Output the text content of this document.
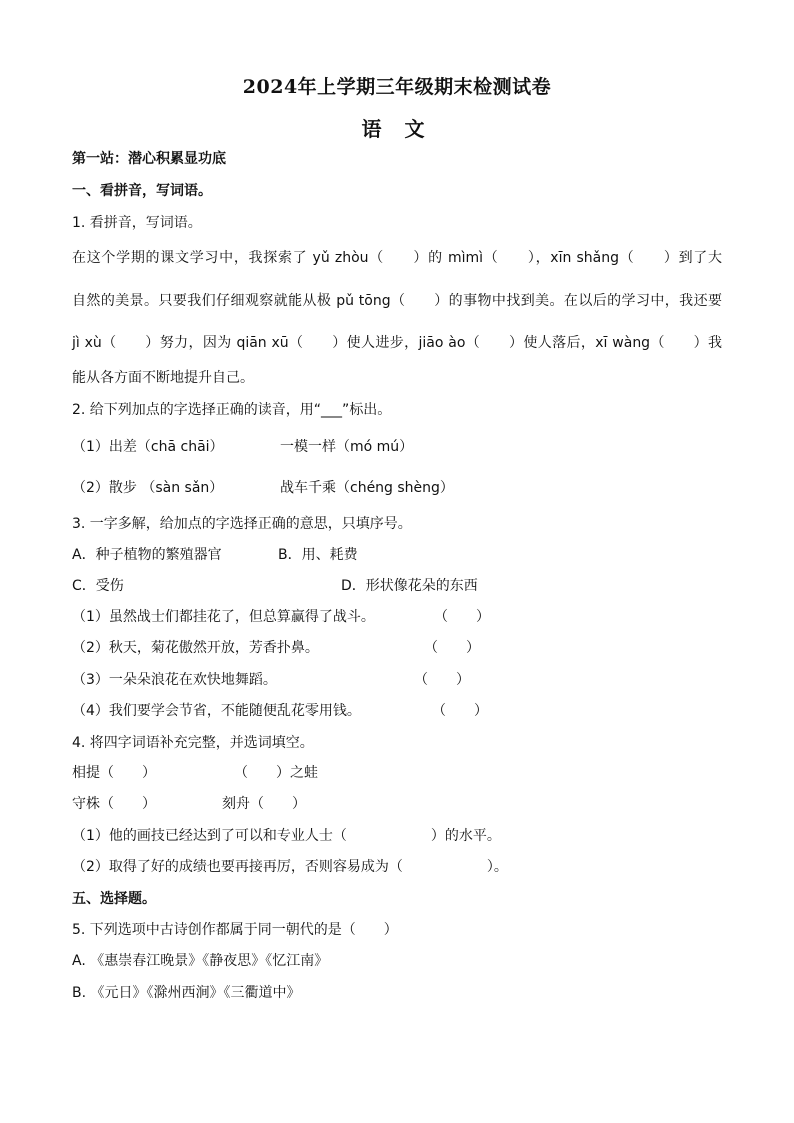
2024年上学期三年级期末检测试卷
语 文
第一站：潜心积累显功底
一、看拼音，写词语。
1. 看拼音，写词语。
在这个学期的课文学习中，我探索了 yǔ zhòu（　　）的 mìmì（　　），xīn shǎng（　　）到了大
自然的美景。只要我们仔细观察就能从极 pǔ tōng（　　）的事物中找到美。在以后的学习中，我还要
jì xù（　　）努力，因为 qiān xū（　　）使人进步，jiāo ào（　　）使人落后，xī wàng（　　）我
能从各方面不断地提升自己。
2. 给下列加点的字选择正确的读音，用“___”标出。
（1）出差（chā chāi）	一模一样（mó mú）
（2）散步 （sàn sǎn）	战车千乘（chéng shèng）
3. 一字多解，给加点的字选择正确的意思，只填序号。
A．种子植物的繁殖器官	B．用、耗费
C．受伤	D．形状像花朵的东西
（1）虽然战士们都挂花了，但总算赢得了战斗。	（　　）
（2）秋天，菊花傲然开放，芳香扑鼻。	（　　）
（3）一朵朵浪花在欢快地舞蹈。	（　　）
（4）我们要学会节省，不能随便乱花零用钱。	（　　）
4. 将四字词语补充完整，并选词填空。
相提（　　）	（　　）之蛙
守株（　　）	刻舟（　　）
（1）他的画技已经达到了可以和专业人士（　　　　　　）的水平。
（2）取得了好的成绩也要再接再厉，否则容易成为（　　　　　　）。
五、选择题。
5. 下列选项中古诗创作都属于同一朝代的是（　　）
A. 《惠崇春江晚景》《静夜思》《忆江南》
B. 《元日》《滁州西涧》《三衢道中》
